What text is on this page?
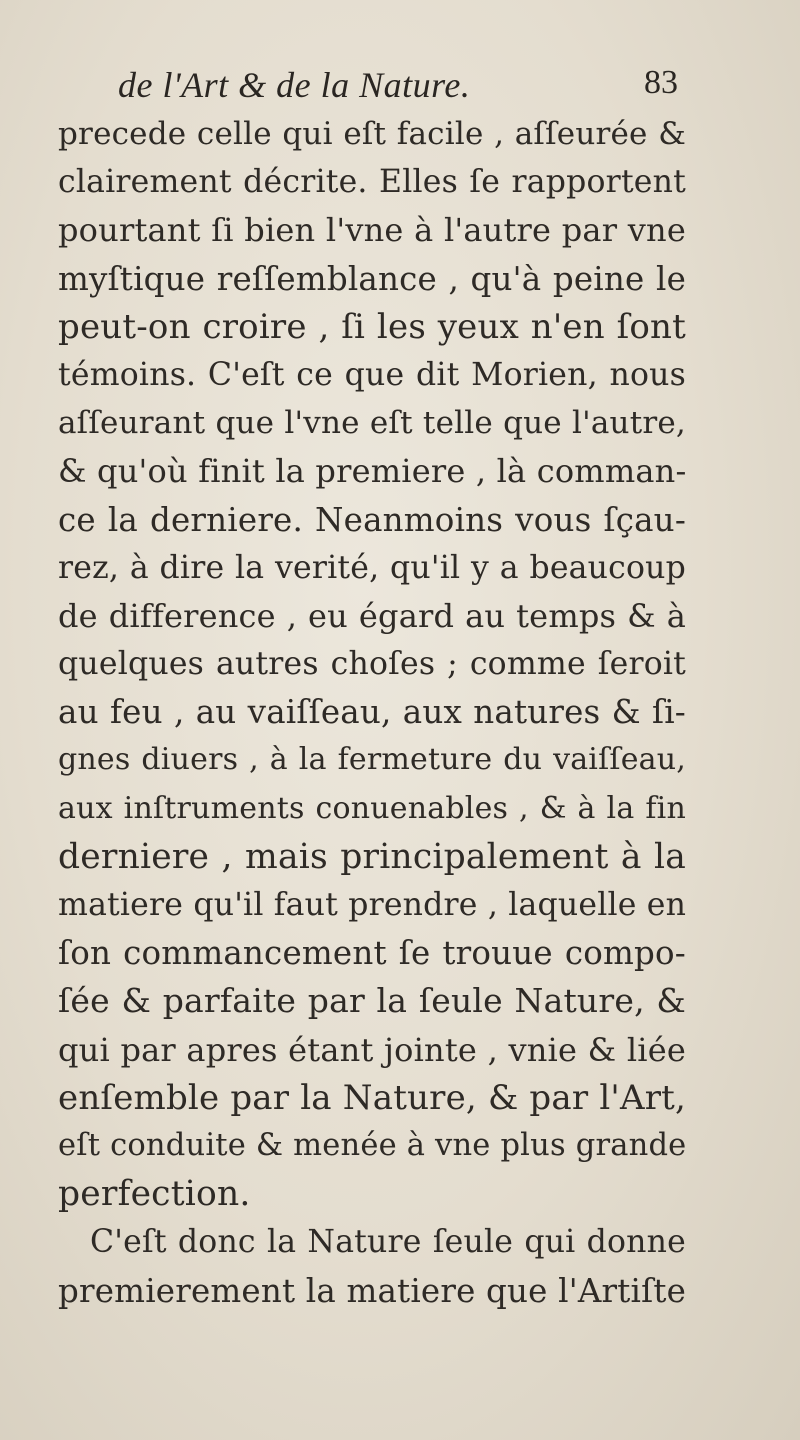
de l'Art & de la Nature.	83
precede celle qui eſt facile , aſſeurée &
clairement décrite. Elles ſe rapportent
pourtant ſi bien l'vne à l'autre par vne
myſtique reſſemblance , qu'à peine le
peut-on croire , ſi les yeux n'en ſont
témoins. C'eſt ce que dit Morien, nous
aſſeurant que l'vne eſt telle que l'autre,
& qu'où finit la premiere , là comman-
ce la derniere. Neanmoins vous ſçau-
rez, à dire la verité, qu'il y a beaucoup
de difference , eu égard au temps & à
quelques autres choſes ; comme ſeroit
au feu , au vaiſſeau, aux natures & ſi-
gnes diuers , à la fermeture du vaiſſeau,
aux inſtruments conuenables , & à la fin
derniere , mais principalement à la
matiere qu'il faut prendre , laquelle en
ſon commancement ſe trouue compo-
ſée & parfaite par la ſeule Nature, &
qui par apres étant jointe , vnie & liée
enſemble par la Nature, & par l'Art,
eſt conduite & menée à vne plus grande
perfection.
C'eſt donc la Nature ſeule qui donne
premierement la matiere que l'Artiſte
